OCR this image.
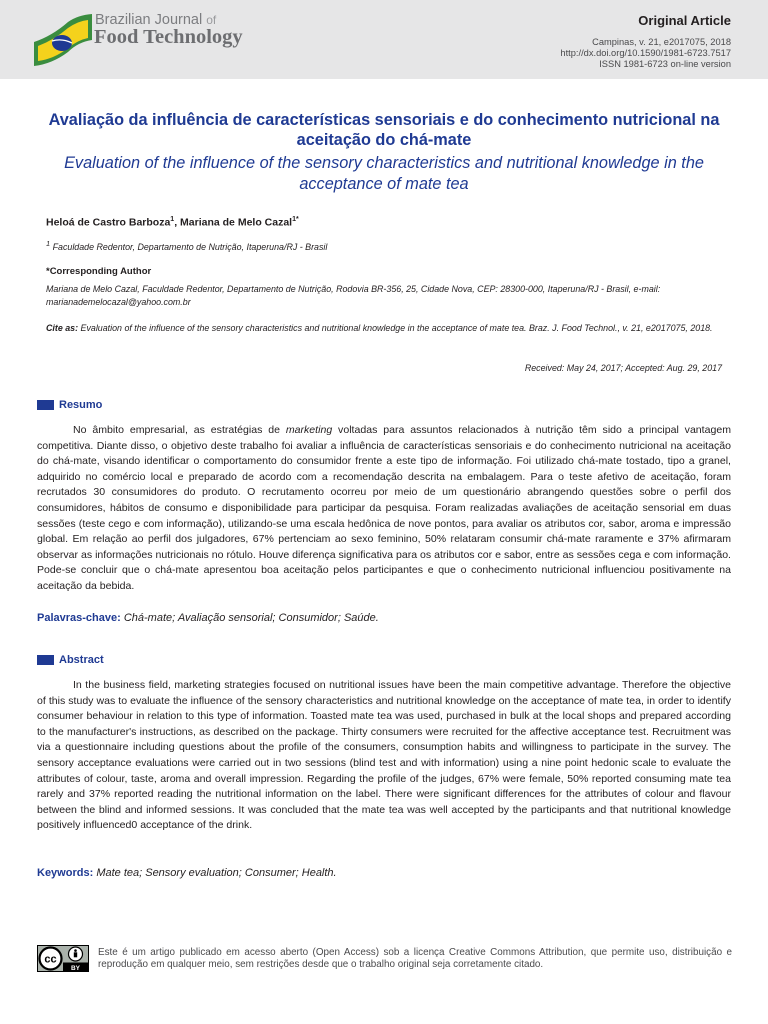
Brazilian Journal of
Food Technology
Original Article
Campinas, v. 21, e2017075, 2018
http://dx.doi.org/10.1590/1981-6723.7517
ISSN 1981-6723 on-line version
Avaliação da influência de características sensoriais e do conhecimento nutricional na aceitação do chá-mate
Evaluation of the influence of the sensory characteristics and nutritional knowledge in the acceptance of mate tea
Heloá de Castro Barboza$^1$, Mariana de Melo Cazal$^{1*}$
$^1$ Faculdade Redentor, Departamento de Nutrição, Itaperuna/RJ - Brasil
*Corresponding Author
Mariana de Melo Cazal, Faculdade Redentor, Departamento de Nutrição, Rodovia BR-356, 25, Cidade Nova, CEP: 28300-000, Itaperuna/RJ - Brasil, e-mail: marianademelocazal@yahoo.com.br
Cite as: Evaluation of the influence of the sensory characteristics and nutritional knowledge in the acceptance of mate tea. Braz. J. Food Technol., v. 21, e2017075, 2018.
Received: May 24, 2017; Accepted: Aug. 29, 2017
Resumo

No âmbito empresarial, as estratégias de marketing voltadas para assuntos relacionados à nutrição têm sido a principal vantagem competitiva. Diante disso, o objetivo deste trabalho foi avaliar a influência de características sensoriais e do conhecimento nutricional na aceitação do chá-mate, visando identificar o comportamento do consumidor frente a este tipo de informação. Foi utilizado chá-mate tostado, tipo a granel, adquirido no comércio local e preparado de acordo com a recomendação descrita na embalagem. Para o teste afetivo de aceitação, foram recrutados 30 consumidores do produto. O recrutamento ocorreu por meio de um questionário abrangendo questões sobre o perfil dos consumidores, hábitos de consumo e disponibilidade para participar da pesquisa. Foram realizadas avaliações de aceitação sensorial em duas sessões (teste cego e com informação), utilizando-se uma escala hedônica de nove pontos, para avaliar os atributos cor, sabor, aroma e impressão global. Em relação ao perfil dos julgadores, 67% pertenciam ao sexo feminino, 50% relataram consumir chá-mate raramente e 37% afirmaram observar as informações nutricionais no rótulo. Houve diferença significativa para os atributos cor e sabor, entre as sessões cega e com informação. Pode-se concluir que o chá-mate apresentou boa aceitação pelos participantes e que o conhecimento nutricional influenciou positivamente na aceitação da bebida.

Palavras-chave: Chá-mate; Avaliação sensorial; Consumidor; Saúde.
Abstract

In the business field, marketing strategies focused on nutritional issues have been the main competitive advantage. Therefore the objective of this study was to evaluate the influence of the sensory characteristics and nutritional knowledge on the acceptance of mate tea, in order to identify consumer behaviour in relation to this type of information. Toasted mate tea was used, purchased in bulk at the local shops and prepared according to the manufacturer's instructions, as described on the package. Thirty consumers were recruited for the affective acceptance test. Recruitment was via a questionnaire including questions about the profile of the consumers, consumption habits and willingness to participate in the survey. The sensory acceptance evaluations were carried out in two sessions (blind test and with information) using a nine point hedonic scale to evaluate the attributes of colour, taste, aroma and overall impression. Regarding the profile of the judges, 67% were female, 50% reported consuming mate tea rarely and 37% reported reading the nutritional information on the label. There were significant differences for the attributes of colour and flavour between the blind and informed sessions. It was concluded that the mate tea was well accepted by the participants and that nutritional knowledge positively influenced0 acceptance of the drink.

Keywords: Mate tea; Sensory evaluation; Consumer; Health.
cc
BY
Este é um artigo publicado em acesso aberto (Open Access) sob a licença Creative Commons Attribution, que permite uso, distribuição e reprodução em qualquer meio, sem restrições desde que o trabalho original seja corretamente citado.
